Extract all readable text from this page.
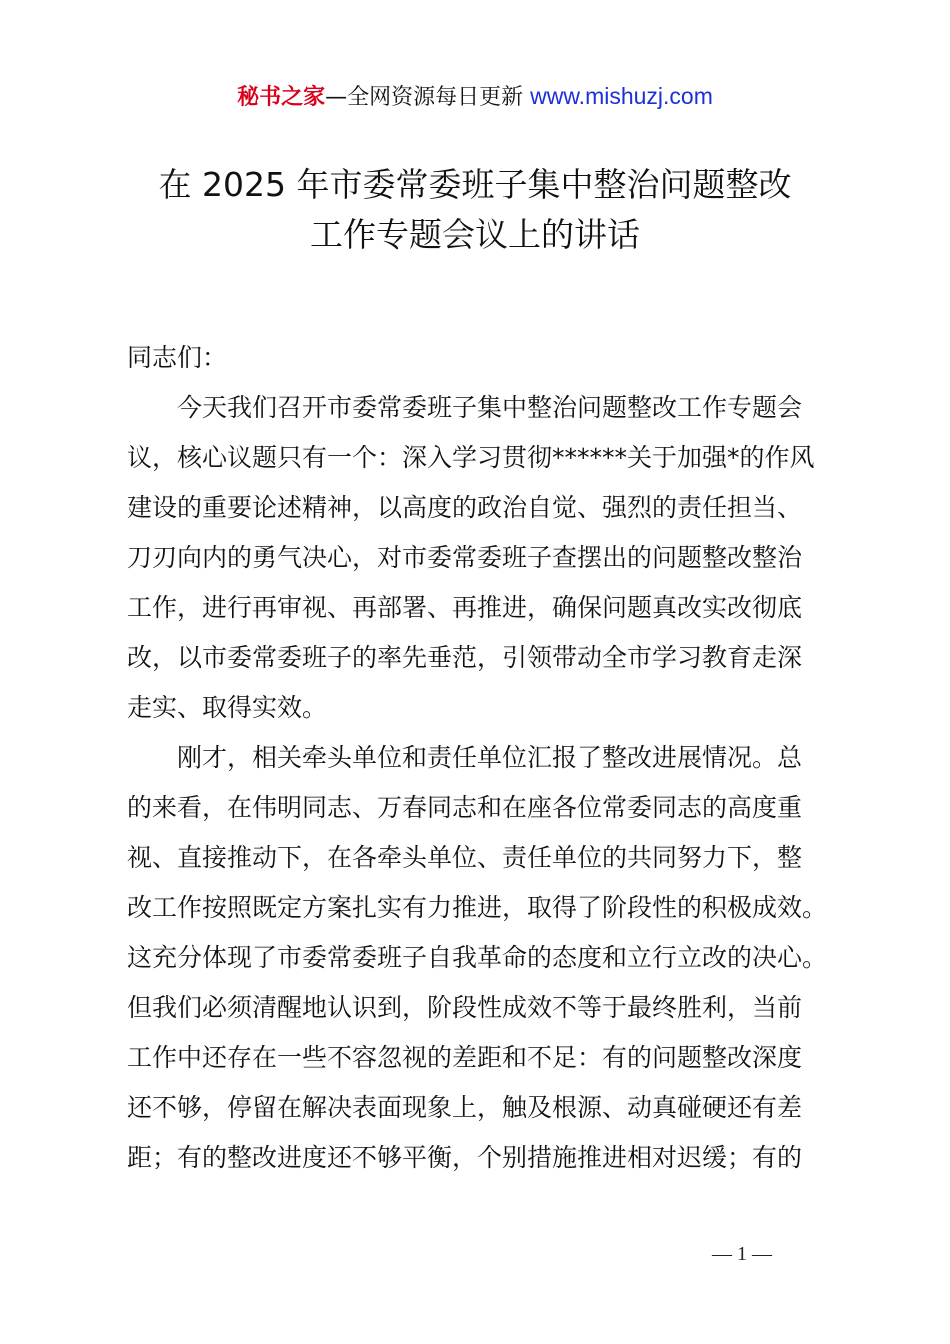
秘书之家—全网资源每日更新 www.mishuzj.com
在 2025 年市委常委班子集中整治问题整改
工作专题会议上的讲话

同志们：

　　今天我们召开市委常委班子集中整治问题整改工作专题会
议，核心议题只有一个：深入学习贯彻******关于加强*的作风
建设的重要论述精神，以高度的政治自觉、强烈的责任担当、
刀刃向内的勇气决心，对市委常委班子查摆出的问题整改整治
工作，进行再审视、再部署、再推进，确保问题真改实改彻底
改，以市委常委班子的率先垂范，引领带动全市学习教育走深
走实、取得实效。
　　刚才，相关牵头单位和责任单位汇报了整改进展情况。总
的来看，在伟明同志、万春同志和在座各位常委同志的高度重
视、直接推动下，在各牵头单位、责任单位的共同努力下，整
改工作按照既定方案扎实有力推进，取得了阶段性的积极成效。
这充分体现了市委常委班子自我革命的态度和立行立改的决心。
但我们必须清醒地认识到，阶段性成效不等于最终胜利，当前
工作中还存在一些不容忽视的差距和不足：有的问题整改深度
还不够，停留在解决表面现象上，触及根源、动真碰硬还有差
距；有的整改进度还不够平衡，个别措施推进相对迟缓；有的
— 1 —
